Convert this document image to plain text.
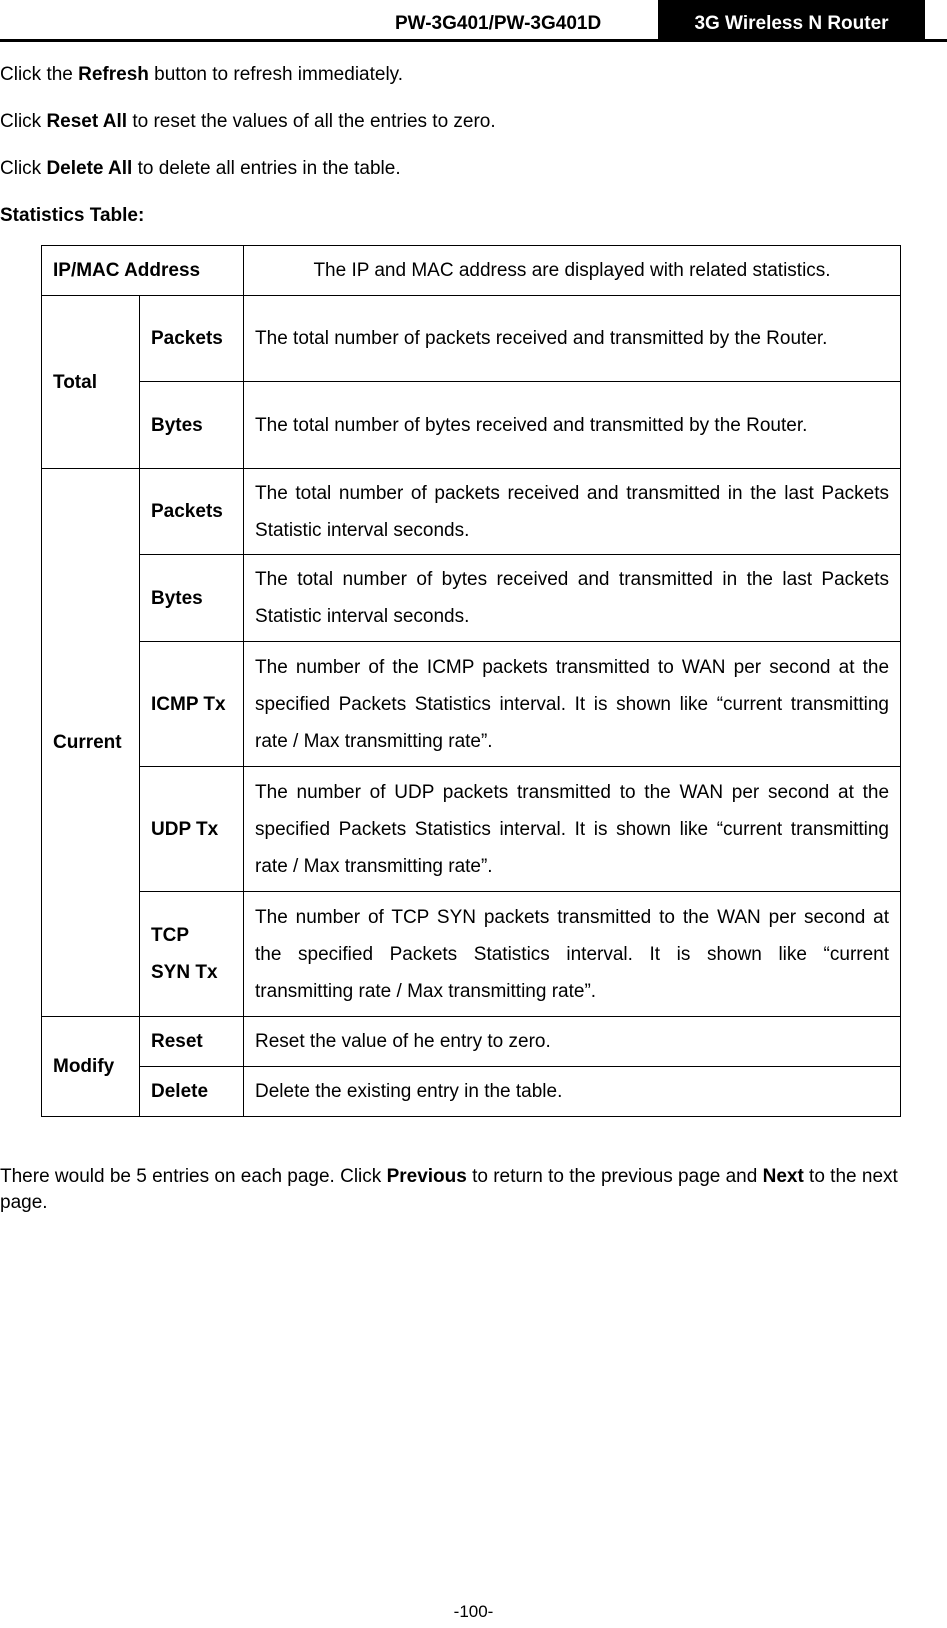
PW-3G401/PW-3G401D	3G Wireless N Router
Click the Refresh button to refresh immediately.
Click Reset All to reset the values of all the entries to zero.
Click Delete All to delete all entries in the table.
Statistics Table:
IP/MAC Address		The IP and MAC address are displayed with related statistics.
Total	Packets	The total number of packets received and transmitted by the Router.
	Bytes	The total number of bytes received and transmitted by the Router.
Current	Packets	The total number of packets received and transmitted in the last Packets Statistic interval seconds.
	Bytes	The total number of bytes received and transmitted in the last Packets Statistic interval seconds.
	ICMP Tx	The number of the ICMP packets transmitted to WAN per second at the specified Packets Statistics interval. It is shown like “current transmitting rate / Max transmitting rate”.
	UDP Tx	The number of UDP packets transmitted to the WAN per second at the specified Packets Statistics interval. It is shown like “current transmitting rate / Max transmitting rate”.
	TCP SYN Tx	The number of TCP SYN packets transmitted to the WAN per second at the specified Packets Statistics interval. It is shown like “current transmitting rate / Max transmitting rate”.
Modify	Reset	Reset the value of he entry to zero.
	Delete	Delete the existing entry in the table.
There would be 5 entries on each page. Click Previous to return to the previous page and Next to the next page.
-100-
